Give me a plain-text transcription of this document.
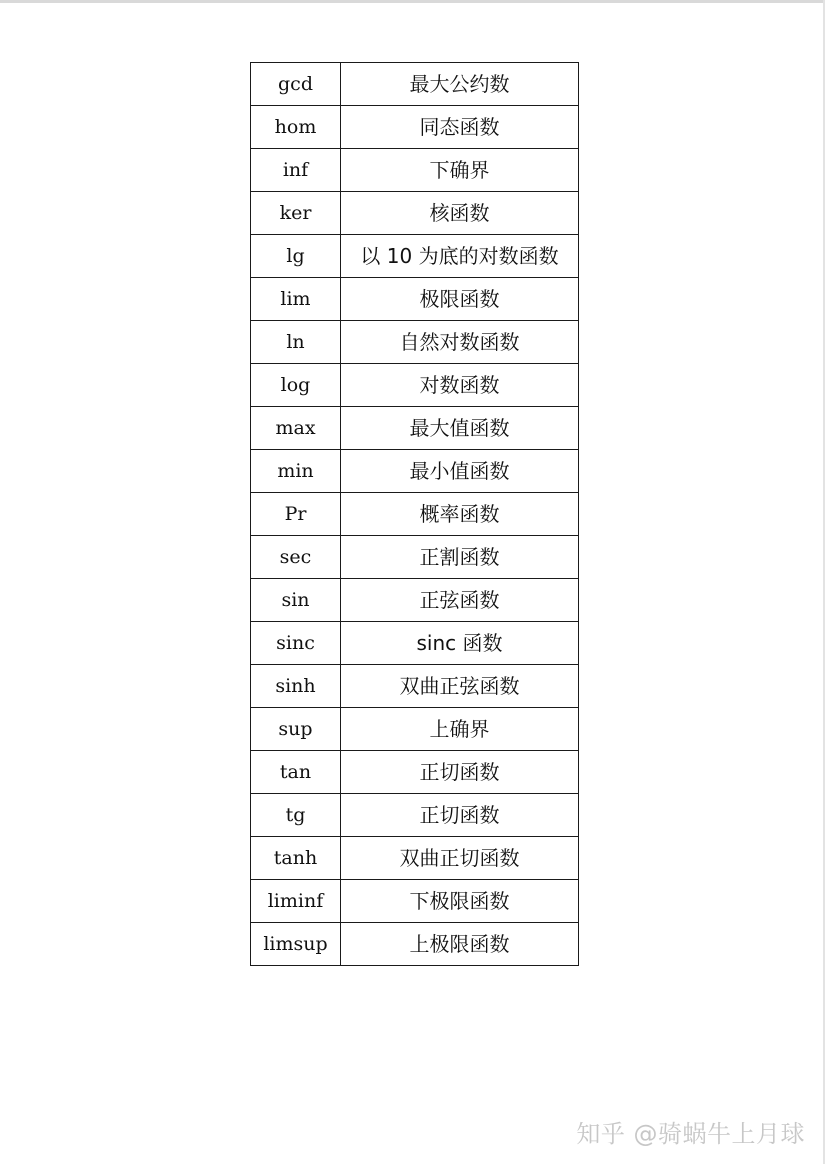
gcd	最大公约数
hom	同态函数
inf	下确界
ker	核函数
lg	以 10 为底的对数函数
lim	极限函数
ln	自然对数函数
log	对数函数
max	最大值函数
min	最小值函数
Pr	概率函数
sec	正割函数
sin	正弦函数
sinc	sinc 函数
sinh	双曲正弦函数
sup	上确界
tan	正切函数
tg	正切函数
tanh	双曲正切函数
liminf	下极限函数
limsup	上极限函数
知乎 @骑蜗牛上月球
